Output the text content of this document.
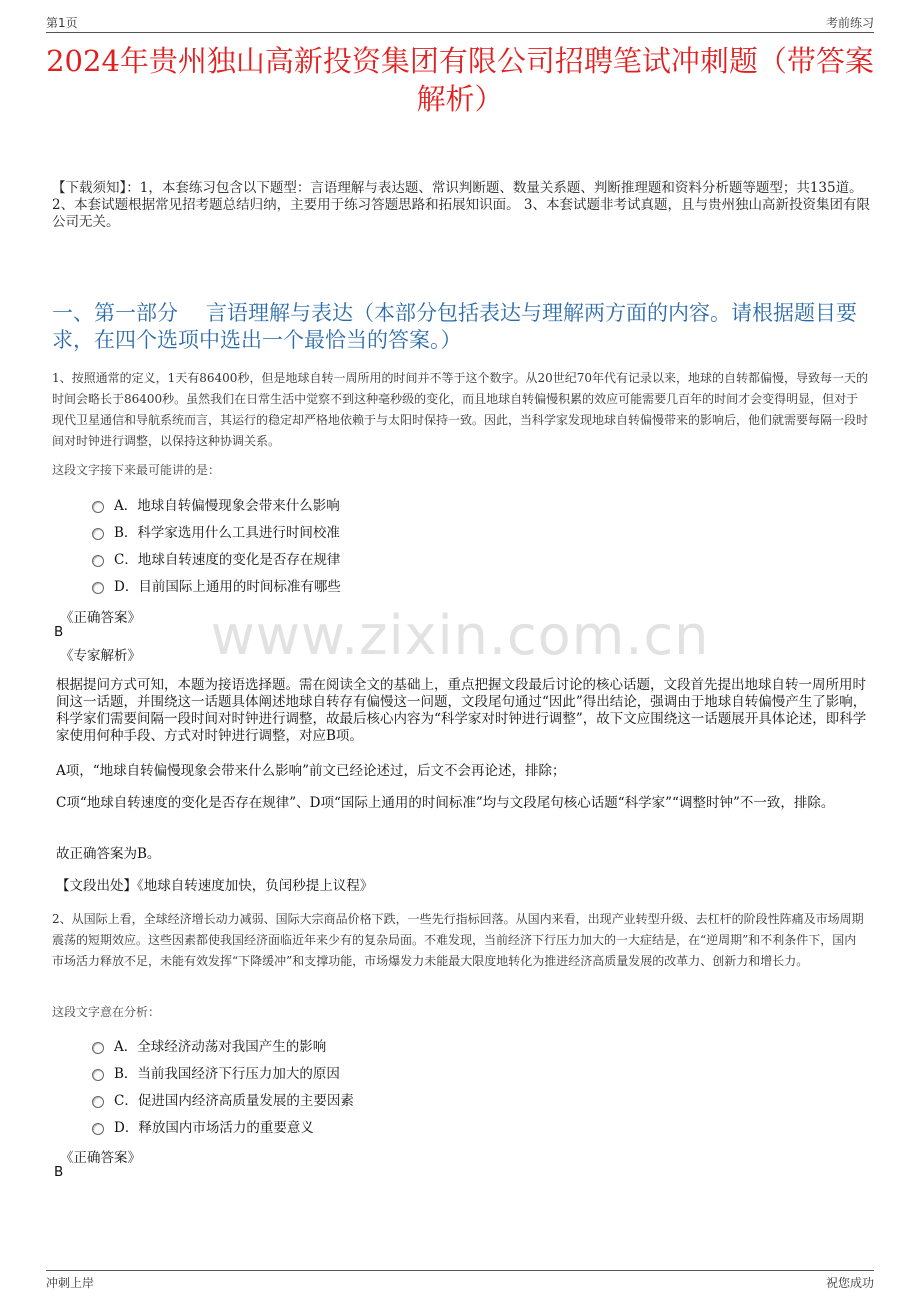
第1页	考前练习
2024年贵州独山高新投资集团有限公司招聘笔试冲刺题（带答案解析）
【下载须知】：1，本套练习包含以下题型：言语理解与表达题、常识判断题、数量关系题、判断推理题和资料分析题等题型；共135道。 2、本套试题根据常见招考题总结归纳，主要用于练习答题思路和拓展知识面。 3、本套试题非考试真题，且与贵州独山高新投资集团有限公司无关。
一、第一部分 言语理解与表达（本部分包括表达与理解两方面的内容。请根据题目要求，在四个选项中选出一个最恰当的答案。）
1、按照通常的定义，1天有86400秒，但是地球自转一周所用的时间并不等于这个数字。从20世纪70年代有记录以来，地球的自转都偏慢，导致每一天的时间会略长于86400秒。虽然我们在日常生活中觉察不到这种毫秒级的变化，而且地球自转偏慢积累的效应可能需要几百年的时间才会变得明显，但对于现代卫星通信和导航系统而言，其运行的稳定却严格地依赖于与太阳时保持一致。因此，当科学家发现地球自转偏慢带来的影响后，他们就需要每隔一段时间对时钟进行调整，以保持这种协调关系。
这段文字接下来最可能讲的是：
A．地球自转偏慢现象会带来什么影响
B．科学家选用什么工具进行时间校准
C．地球自转速度的变化是否存在规律
D．目前国际上通用的时间标准有哪些
《正确答案》
B
《专家解析》
根据提问方式可知，本题为接语选择题。需在阅读全文的基础上，重点把握文段最后讨论的核心话题，文段首先提出地球自转一周所用时间这一话题，并围绕这一话题具体阐述地球自转存有偏慢这一问题，文段尾句通过“因此”得出结论，强调由于地球自转偏慢产生了影响，科学家们需要间隔一段时间对时钟进行调整，故最后核心内容为“科学家对时钟进行调整”，故下文应围绕这一话题展开具体论述，即科学家使用何种手段、方式对时钟进行调整，对应B项。
A项，“地球自转偏慢现象会带来什么影响”前文已经论述过，后文不会再论述，排除；
C项“地球自转速度的变化是否存在规律”、D项“国际上通用的时间标准”均与文段尾句核心话题“科学家”“调整时钟”不一致，排除。
故正确答案为B。
【文段出处】《地球自转速度加快，负闰秒提上议程》
2、从国际上看，全球经济增长动力减弱、国际大宗商品价格下跌，一些先行指标回落。从国内来看，出现产业转型升级、去杠杆的阶段性阵痛及市场周期震荡的短期效应。这些因素都使我国经济面临近年来少有的复杂局面。不难发现，当前经济下行压力加大的一大症结是，在“逆周期”和不利条件下，国内市场活力释放不足，未能有效发挥“下降缓冲”和支撑功能，市场爆发力未能最大限度地转化为推进经济高质量发展的改革力、创新力和增长力。
这段文字意在分析：
A．全球经济动荡对我国产生的影响
B．当前我国经济下行压力加大的原因
C．促进国内经济高质量发展的主要因素
D．释放国内市场活力的重要意义
《正确答案》
B
www.zixin.com.cn
冲刺上岸	祝您成功
